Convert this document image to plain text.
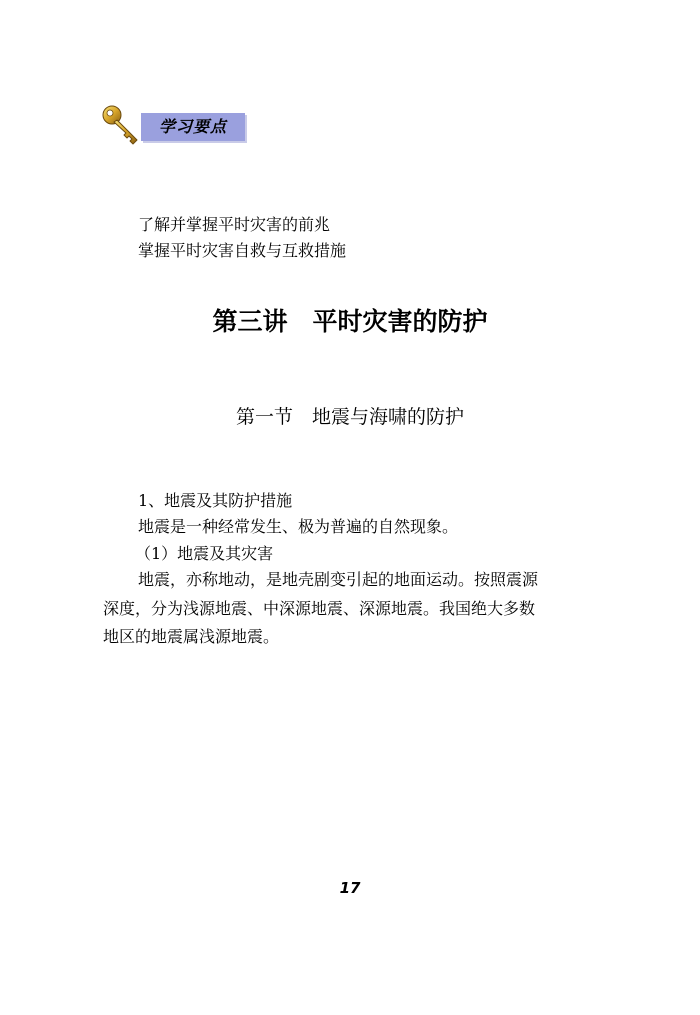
学习要点
了解并掌握平时灾害的前兆
掌握平时灾害自救与互救措施
第三讲　平时灾害的防护
第一节　地震与海啸的防护
1、地震及其防护措施
地震是一种经常发生、极为普遍的自然现象。
（1）地震及其灾害
地震，亦称地动，是地壳剧变引起的地面运动。按照震源
深度，分为浅源地震、中深源地震、深源地震。我国绝大多数
地区的地震属浅源地震。
17
